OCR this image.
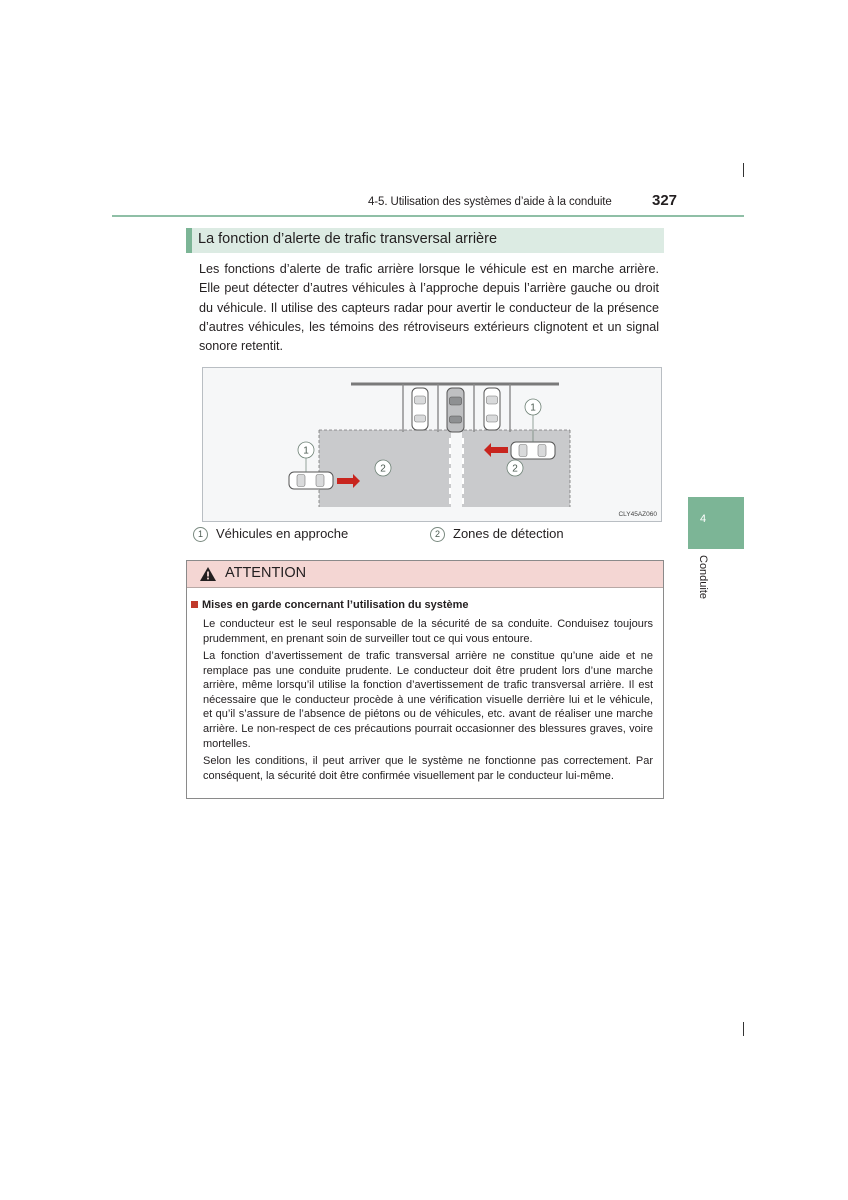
4-5. Utilisation des systèmes d’aide à la conduite	327
La fonction d’alerte de trafic transversal arrière
Les fonctions d’alerte de trafic arrière lorsque le véhicule est en marche arrière. Elle peut détecter d’autres véhicules à l’approche depuis l’arrière gauche ou droit du véhicule. Il utilise des capteurs radar pour avertir le conducteur de la présence d’autres véhicules, les témoins des rétroviseurs extérieurs clignotent et un signal sonore retentit.
1
1
2	2
CLY45AZ060
1 Véhicules en approche	2 Zones de détection
ATTENTION
Mises en garde concernant l’utilisation du système
Le conducteur est le seul responsable de la sécurité de sa conduite. Conduisez toujours prudemment, en prenant soin de surveiller tout ce qui vous entoure.
La fonction d’avertissement de trafic transversal arrière ne constitue qu’une aide et ne remplace pas une conduite prudente. Le conducteur doit être prudent lors d’une marche arrière, même lorsqu’il utilise la fonction d’avertissement de trafic transversal arrière. Il est nécessaire que le conducteur procède à une vérification visuelle derrière lui et le véhicule, et qu’il s’assure de l’absence de piétons ou de véhicules, etc. avant de réaliser une marche arrière. Le non-respect de ces précautions pourrait occasionner des blessures graves, voire mortelles.
Selon les conditions, il peut arriver que le système ne fonctionne pas correctement. Par conséquent, la sécurité doit être confirmée visuellement par le conducteur lui-même.
4
Conduite
